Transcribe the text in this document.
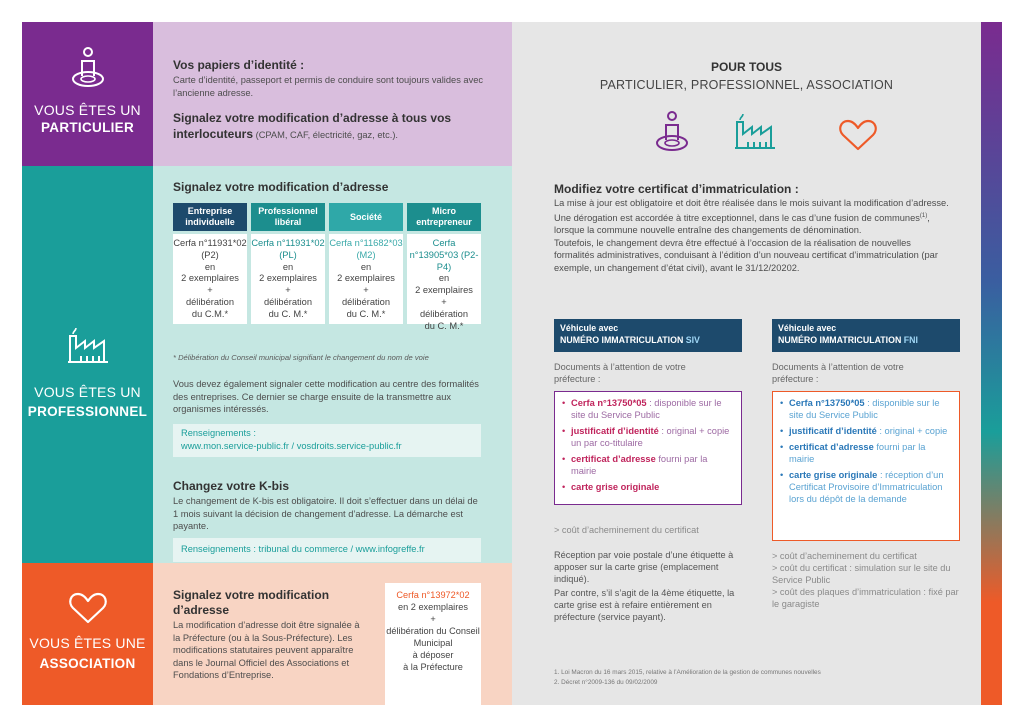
VOUS ÊTES UN
PARTICULIER
Vos papiers d’identité :
Carte d’identité, passeport et permis de conduire sont toujours valides avec l’ancienne adresse.
Signalez votre modification d’adresse à tous vos interlocuteurs (CPAM, CAF, électricité, gaz, etc.).
VOUS ÊTES UN
PROFESSIONNEL
Signalez votre modification d’adresse
Entreprise individuelle
Cerfa n°11931*02 (P2)
en
2 exemplaires
+
délibération
du C.M.*
Professionnel libéral
Cerfa n°11931*02 (PL)
en
2 exemplaires
+
délibération
du C. M.*
Société
Cerfa n°11682*03 (M2)
en
2 exemplaires
+
délibération
du C. M.*
Micro entrepreneur
Cerfa n°13905*03 (P2-P4)
en
2 exemplaires
+
délibération
du C. M.*
* Délibération du Conseil municipal signifiant le changement du nom de voie
Vous devez également signaler cette modification au centre des formalités des entreprises. Ce dernier se charge ensuite de la transmettre aux organismes intéressés.
Renseignements :
www.mon.service-public.fr / vosdroits.service-public.fr
Changez votre K-bis
Le changement de K-bis est obligatoire. Il doit s’effectuer dans un délai de 1 mois suivant la décision de changement d’adresse. La démarche est payante.
Renseignements : tribunal du commerce / www.infogreffe.fr
VOUS ÊTES UNE
ASSOCIATION
Signalez votre modification d’adresse
La modification d’adresse doit être signalée à la Préfecture (ou à la Sous-Préfecture). Les modifications statutaires peuvent apparaître dans le Journal Officiel des Associations et Fondations d’Entreprise.
Cerfa n°13972*02
en 2 exemplaires
+
délibération du Conseil Municipal
à déposer
à la Préfecture
POUR TOUS
PARTICULIER, PROFESSIONNEL, ASSOCIATION
Modifiez votre certificat d’immatriculation :
La mise à jour est obligatoire et doit être réalisée dans le mois suivant la modification d’adresse. Une dérogation est accordée à titre exceptionnel, dans le cas d’une fusion de communes$^{(1)}$, lorsque la commune nouvelle entraîne des changements de dénomination.
Toutefois, le changement devra être effectué à l’occasion de la réalisation de nouvelles formalités administratives, conduisant à l’édition d’un nouveau certificat d’immatriculation (par exemple, un changement d’état civil), avant le 31/12/20202.
Véhicule avec
NUMÉRO IMMATRICULATION SIV
Documents à l’attention de votre préfecture :
• Cerfa n°13750*05 : disponible sur le site du Service Public
• justificatif d’identité : original + copie un par co-titulaire
• certificat d’adresse fourni par la mairie
• carte grise originale
> coût d’acheminement du certificat
Réception par voie postale d’une étiquette à apposer sur la carte grise (emplacement indiqué).
Par contre, s’il s’agit de la 4ème étiquette, la carte grise est à refaire entièrement en préfecture (service payant).
Véhicule avec
NUMÉRO IMMATRICULATION FNI
Documents à l’attention de votre préfecture :
• Cerfa n°13750*05 : disponible sur le site du Service Public
• justificatif d’identité : original + copie
• certificat d’adresse fourni par la mairie
• carte grise originale : réception d’un Certificat Provisoire d’Immatriculation lors du dépôt de la demande
> coût d’acheminement du certificat
> coût du certificat : simulation sur le site du Service Public
> coût des plaques d’immatriculation : fixé par le garagiste
1. Loi Macron du 16 mars 2015, relative à l’Amélioration de la gestion de communes nouvelles
2. Décret n°2009-136 du 09/02/2009
